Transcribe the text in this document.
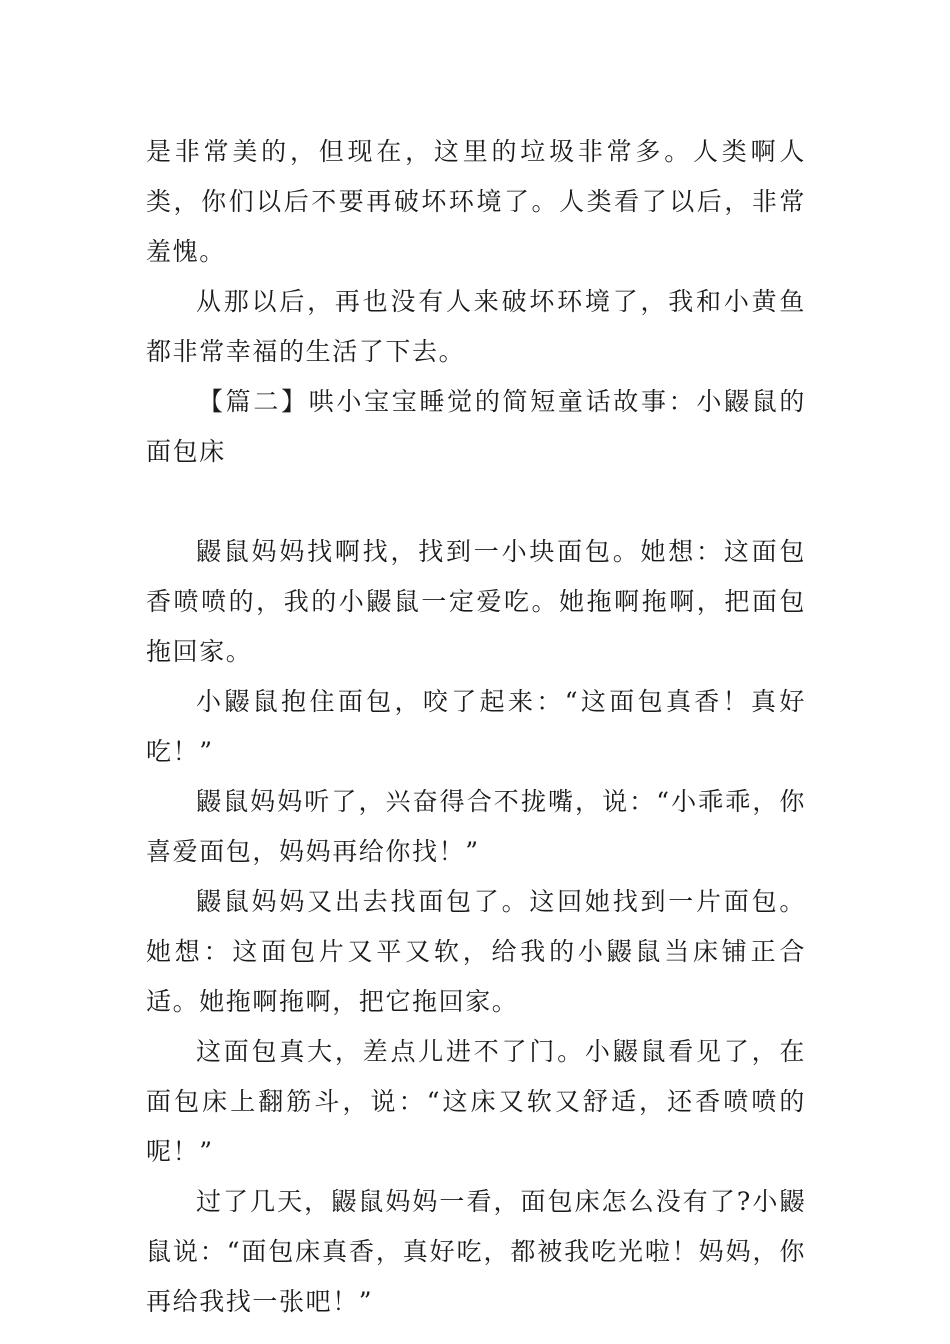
是非常美的，但现在，这里的垃圾非常多。人类啊人类，你们以后不要再破坏环境了。人类看了以后，非常羞愧。

从那以后，再也没有人来破坏环境了，我和小黄鱼都非常幸福的生活了下去。

【篇二】哄小宝宝睡觉的简短童话故事：小鼹鼠的面包床

鼹鼠妈妈找啊找，找到一小块面包。她想：这面包香喷喷的，我的小鼹鼠一定爱吃。她拖啊拖啊，把面包拖回家。

小鼹鼠抱住面包，咬了起来：“这面包真香！真好吃！”

鼹鼠妈妈听了，兴奋得合不拢嘴，说：“小乖乖，你喜爱面包，妈妈再给你找！”

鼹鼠妈妈又出去找面包了。这回她找到一片面包。她想：这面包片又平又软，给我的小鼹鼠当床铺正合适。她拖啊拖啊，把它拖回家。

这面包真大，差点儿进不了门。小鼹鼠看见了，在面包床上翻筋斗，说：“这床又软又舒适，还香喷喷的呢！”

过了几天，鼹鼠妈妈一看，面包床怎么没有了?小鼹鼠说：“面包床真香，真好吃，都被我吃光啦！妈妈，你再给我找一张吧！”
